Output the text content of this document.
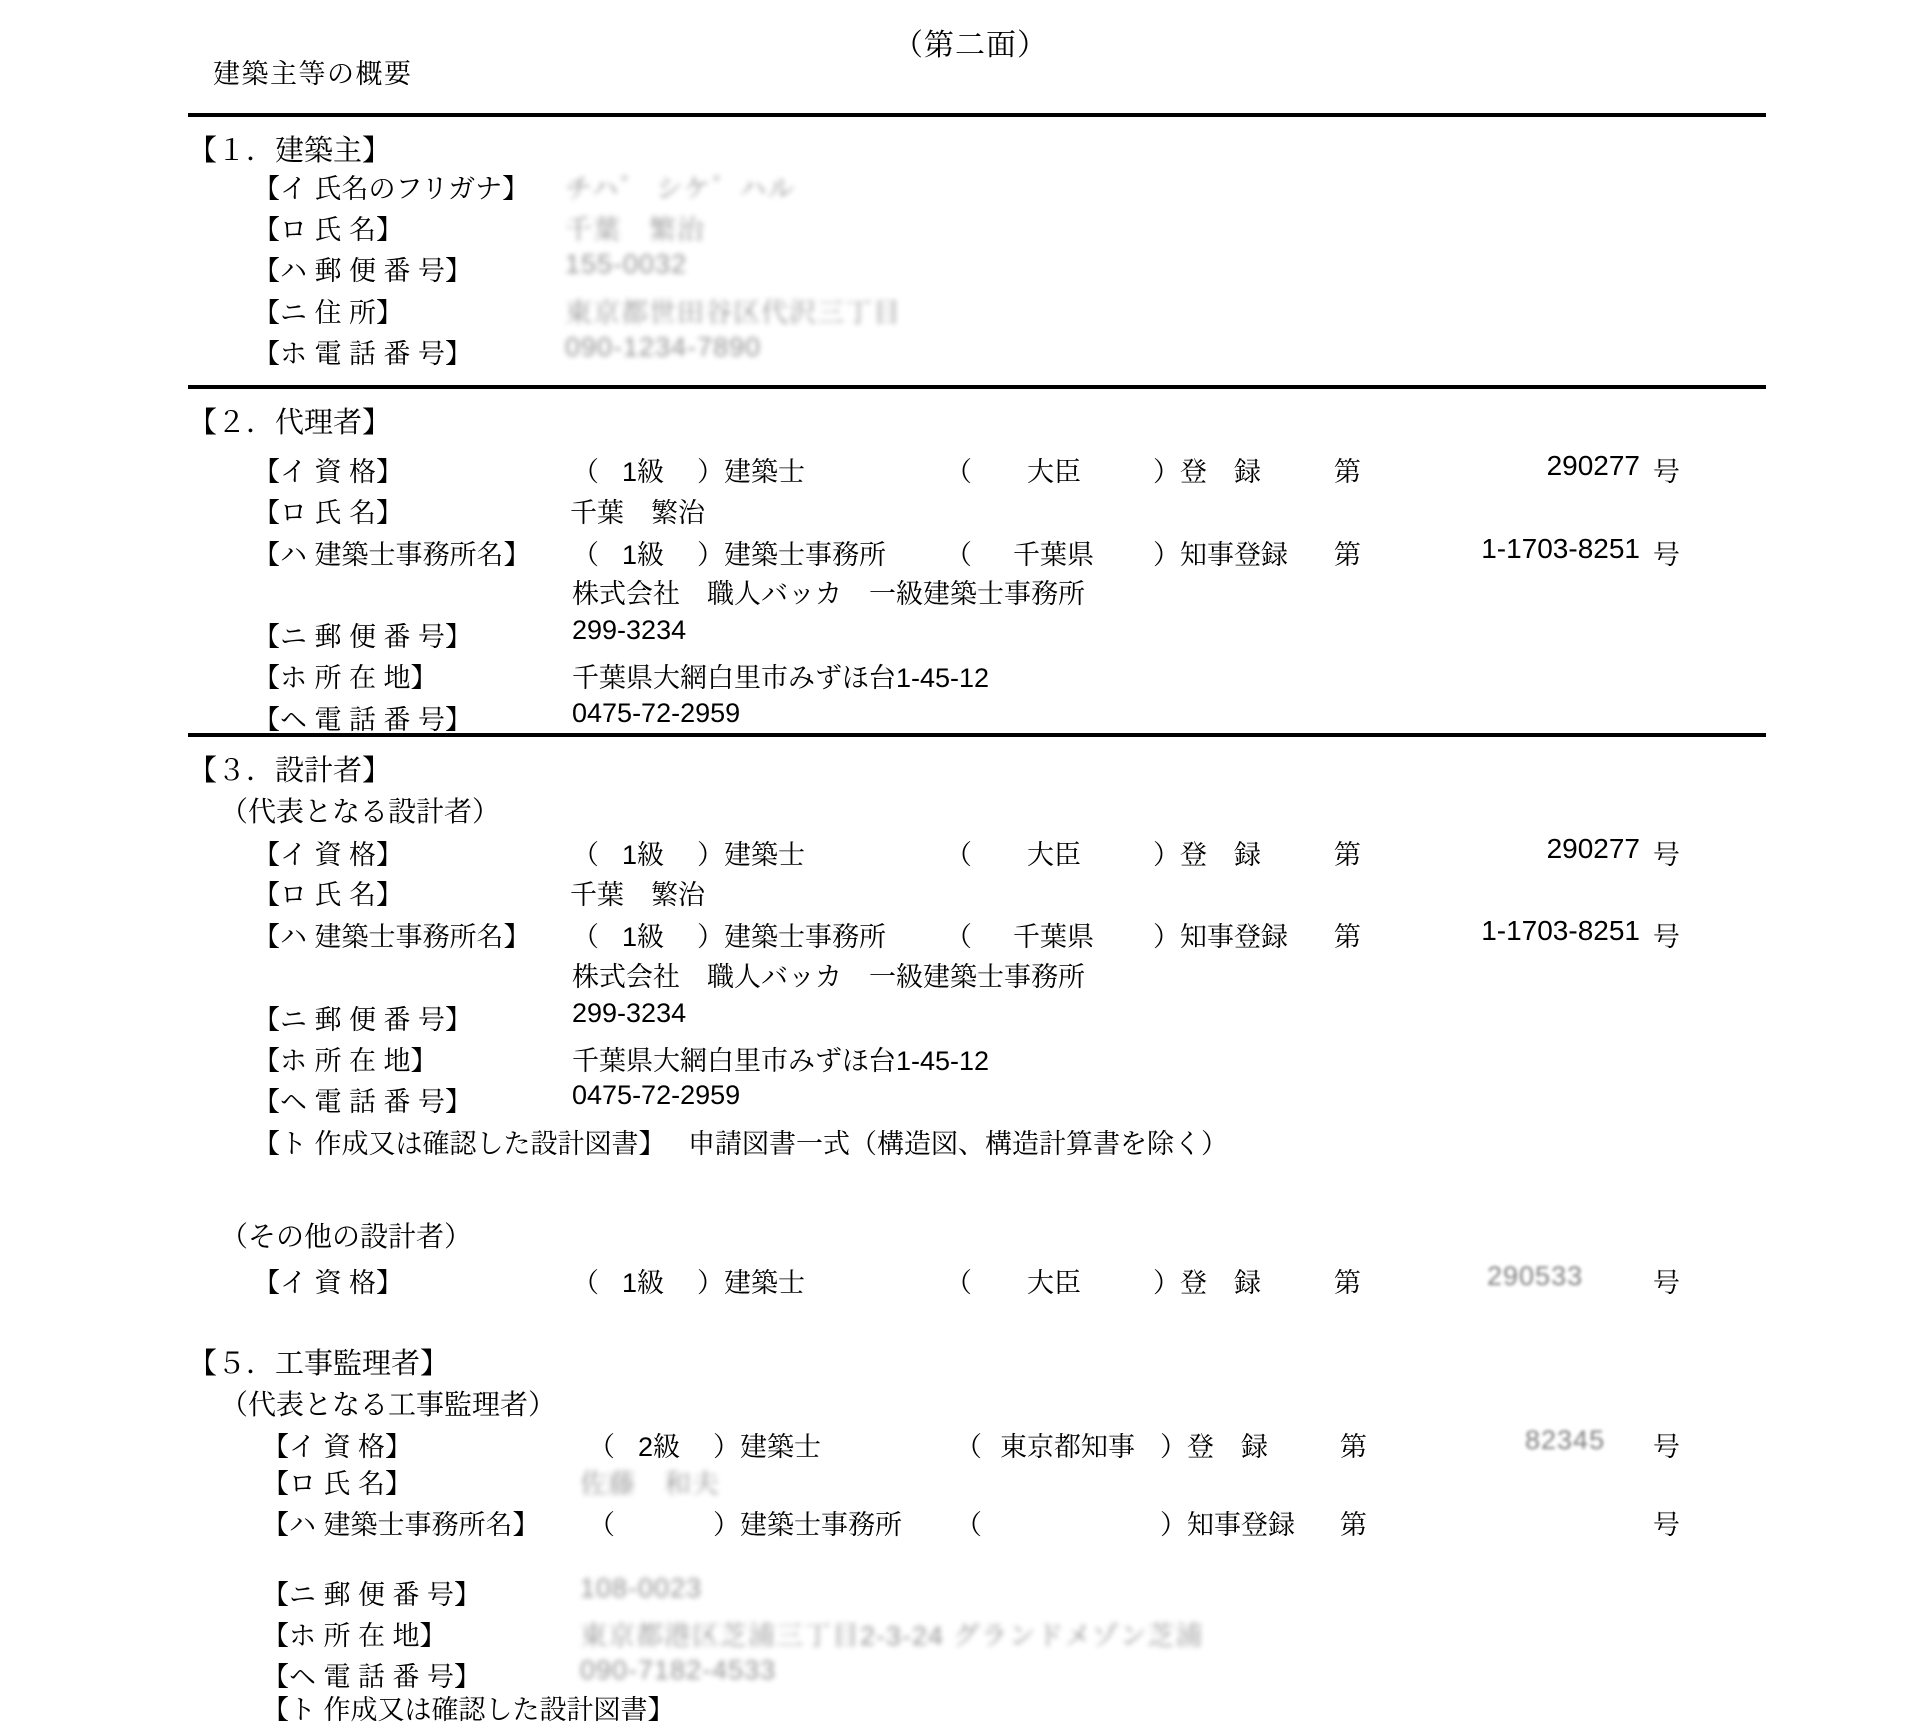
（第二面）
建築主等の概要
【１．建築主】
【イ 氏名のフリガナ】 チハ゛ シケ゛ハル
【ロ 氏 名】	千葉　繁治
【ハ 郵 便 番 号】	155-0032
【ニ 住 所】	東京都世田谷区代沢三丁目
【ホ 電 話 番 号】	090-1234-7890
【２．代理者】
【イ 資 格】	（ 1級 ）建築士	（ 大臣	）登　録	第	290277 号
【ロ 氏 名】	千葉　繁治
【ハ 建築士事務所名】 （ 1級 ）建築士事務所 （ 千葉県 ）知事登録 第	1-1703-8251 号
株式会社　職人バッカ　一級建築士事務所
【ニ 郵 便 番 号】	299-3234
【ホ 所 在 地】	千葉県大網白里市みずほ台1-45-12
【ヘ 電 話 番 号】	0475-72-2959
【３．設計者】
（代表となる設計者）
【イ 資 格】	（ 1級 ）建築士	（ 大臣	）登　録	第	290277 号
【ロ 氏 名】	千葉　繁治
【ハ 建築士事務所名】 （ 1級 ）建築士事務所 （ 千葉県 ）知事登録 第	1-1703-8251 号
株式会社　職人バッカ　一級建築士事務所
【ニ 郵 便 番 号】	299-3234
【ホ 所 在 地】	千葉県大網白里市みずほ台1-45-12
【ヘ 電 話 番 号】	0475-72-2959
【ト 作成又は確認した設計図書】 申請図書一式（構造図、構造計算書を除く）
（その他の設計者）
【イ 資 格】	（ 1級 ）建築士	（ 大臣	）登　録	第	290533	号
【５．工事監理者】
（代表となる工事監理者）
【イ 資 格】	（ 2級 ）建築士	（ 東京都知事 ）登　録	第	82345 号
【ロ 氏 名】	佐藤　和夫
【ハ 建築士事務所名】 （	）建築士事務所 （	）知事登録 第	号
【ニ 郵 便 番 号】	108-0023
【ホ 所 在 地】	東京都港区芝浦三丁目2-3-24 グランドメゾン芝浦
【ヘ 電 話 番 号】	090-7182-4533
【ト 作成又は確認した設計図書】
